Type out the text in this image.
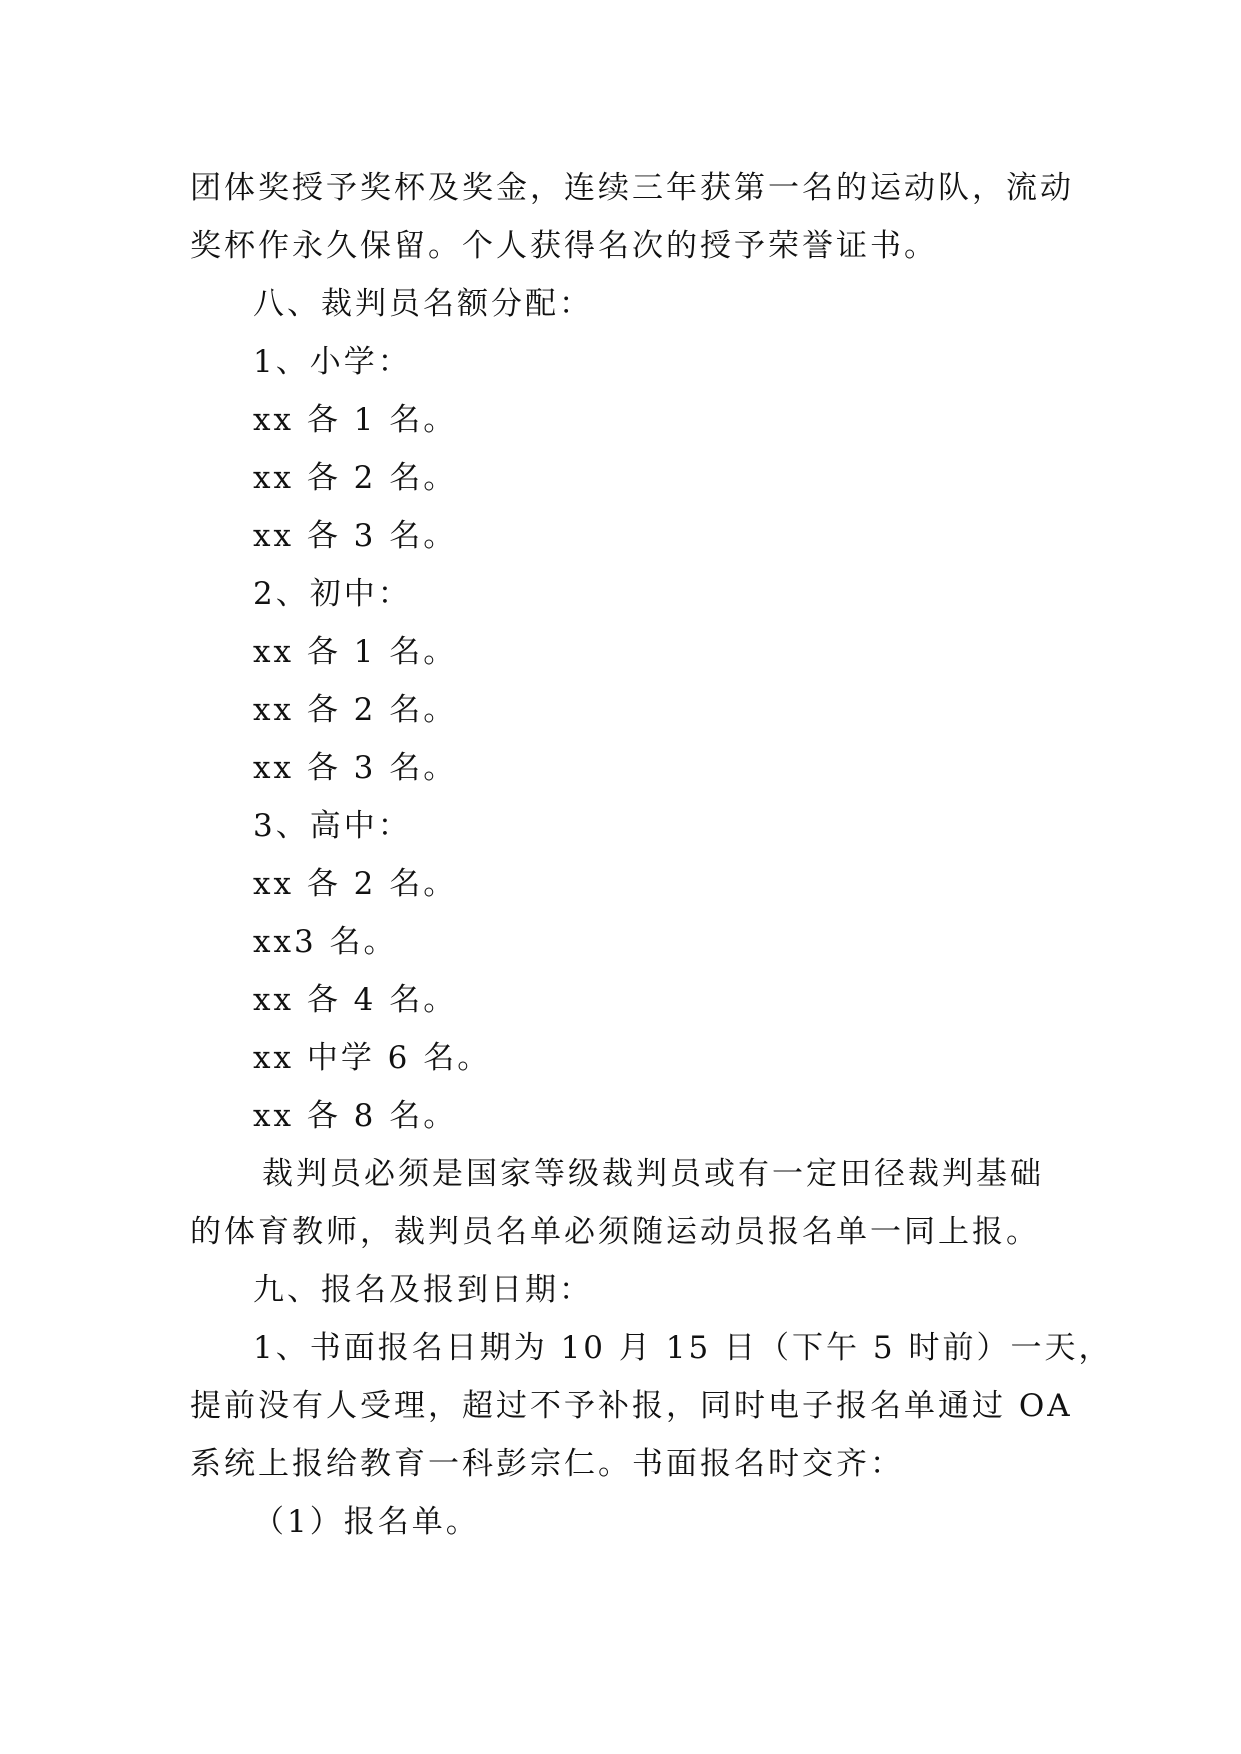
团体奖授予奖杯及奖金，连续三年获第一名的运动队，流动
奖杯作永久保留。个人获得名次的授予荣誉证书。
八、裁判员名额分配：
1、小学：
xx 各 1 名。
xx 各 2 名。
xx 各 3 名。
2、初中：
xx 各 1 名。
xx 各 2 名。
xx 各 3 名。
3、高中：
xx 各 2 名。
xx3 名。
xx 各 4 名。
xx 中学 6 名。
xx 各 8 名。
裁判员必须是国家等级裁判员或有一定田径裁判基础
的体育教师，裁判员名单必须随运动员报名单一同上报。
九、报名及报到日期：
1、书面报名日期为 10 月 15 日（下午 5 时前）一天，
提前没有人受理，超过不予补报，同时电子报名单通过 OA
系统上报给教育一科彭宗仁。书面报名时交齐：
（1）报名单。
